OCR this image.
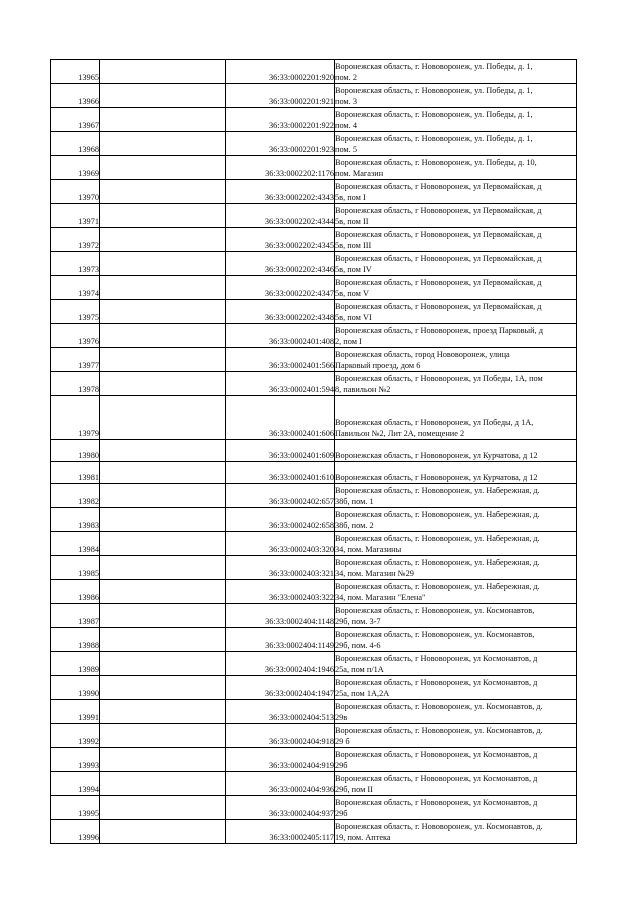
13965		36:33:0002201:920	Воронежская область, г. Нововоронеж, ул. Победы, д. 1,
пом. 2

13966		36:33:0002201:921	Воронежская область, г. Нововоронеж, ул. Победы, д. 1,
пом. 3

13967		36:33:0002201:922	Воронежская область, г. Нововоронеж, ул. Победы, д. 1,
пом. 4

13968		36:33:0002201:923	Воронежская область, г. Нововоронеж, ул. Победы, д. 1,
пом. 5

13969		36:33:0002202:1176	Воронежская область, г. Нововоронеж, ул. Победы, д. 10,
пом. Магазин

13970		36:33:0002202:4343	Воронежская область, г Нововоронеж, ул Первомайская, д
5в, пом I

13971		36:33:0002202:4344	Воронежская область, г Нововоронеж, ул Первомайская, д
5в, пом II

13972		36:33:0002202:4345	Воронежская область, г Нововоронеж, ул Первомайская, д
5в, пом III

13973		36:33:0002202:4346	Воронежская область, г Нововоронеж, ул Первомайская, д
5в, пом IV

13974		36:33:0002202:4347	Воронежская область, г Нововоронеж, ул Первомайская, д
5в, пом V

13975		36:33:0002202:4348	Воронежская область, г Нововоронеж, ул Первомайская, д
5в, пом VI

13976		36:33:0002401:408	Воронежская область, г Нововоронеж, проезд Парковый, д
2, пом I

13977		36:33:0002401:566	Воронежская область, город Нововоронеж, улица
Парковый проезд, дом 6

13978		36:33:0002401:594	Воронежская область, г Нововоронеж, ул Победы, 1А, пом
8, павильон №2

13979		36:33:0002401:606	Воронежская область, г Нововоронеж, ул Победы, д 1А,
Павильон №2, Лит 2А, помещение 2

13980		36:33:0002401:609	Воронежская область, г Нововоронеж, ул Курчатова, д 12

13981		36:33:0002401:610	Воронежская область, г Нововоронеж, ул Курчатова, д 12

13982		36:33:0002402:657	Воронежская область, г. Нововоронеж, ул. Набережная, д.
38б, пом. 1

13983		36:33:0002402:658	Воронежская область, г. Нововоронеж, ул. Набережная, д.
38б, пом. 2

13984		36:33:0002403:320	Воронежская область, г. Нововоронеж, ул. Набережная, д.
34, пом. Магазины

13985		36:33:0002403:321	Воронежская область, г. Нововоронеж, ул. Набережная, д.
34, пом. Магазин №29

13986		36:33:0002403:322	Воронежская область, г. Нововоронеж, ул. Набережная, д.
34, пом. Магазин "Елена"

13987		36:33:0002404:1148	Воронежская область, г. Нововоронеж, ул. Космонавтов,
29б, пом. 3-7

13988		36:33:0002404:1149	Воронежская область, г. Нововоронеж, ул. Космонавтов,
29б, пом. 4-6

13989		36:33:0002404:1946	Воронежская область, г Нововоронеж, ул Космонавтов, д
25а, пом п/1А

13990		36:33:0002404:1947	Воронежская область, г Нововоронеж, ул Космонавтов, д
25а, пом 1А,2А

13991		36:33:0002404:513	Воронежская область, г. Нововоронеж, ул. Космонавтов, д.
29в

13992		36:33:0002404:918	Воронежская область, г. Нововоронеж, ул. Космонавтов, д.
29 б

13993		36:33:0002404:919	Воронежская область, г Нововоронеж, ул Космонавтов, д
29б

13994		36:33:0002404:936	Воронежская область, г Нововоронеж, ул Космонавтов, д
29б, пом II

13995		36:33:0002404:937	Воронежская область, г Нововоронеж, ул Космонавтов, д
29б

13996		36:33:0002405:117	Воронежская область, г. Нововоронеж, ул. Космонавтов, д.
19, пом. Аптека
